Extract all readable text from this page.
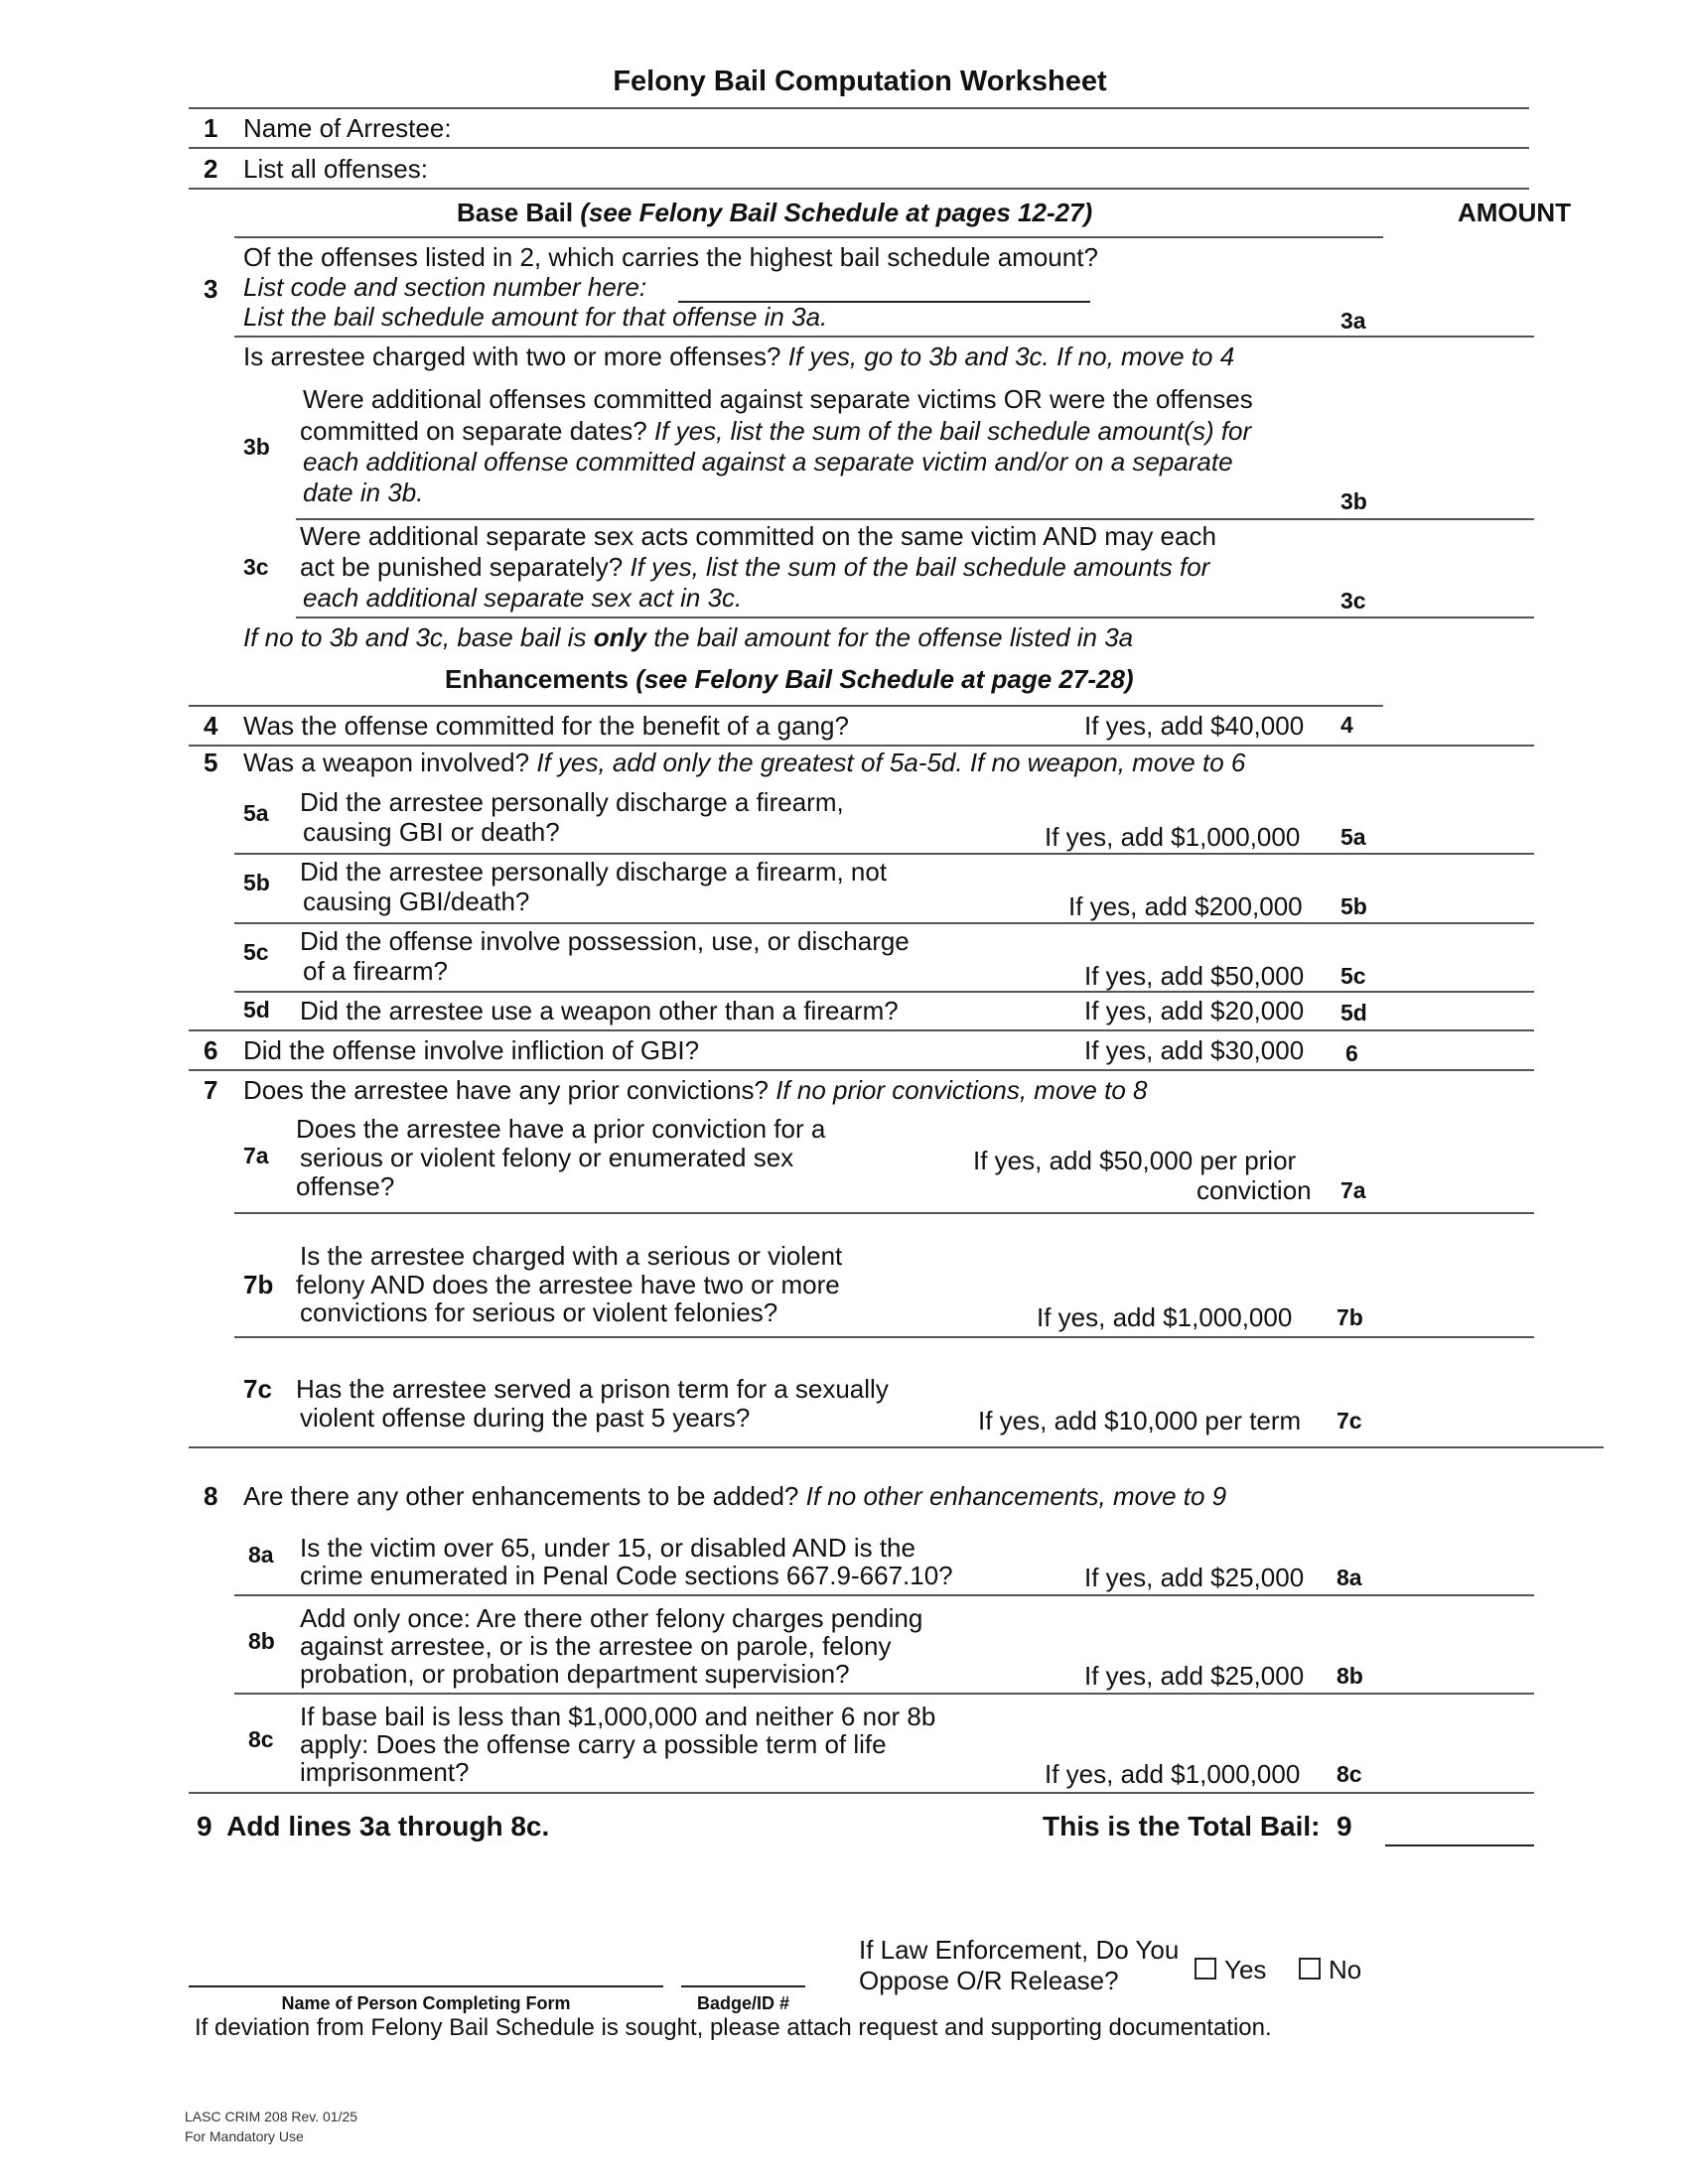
Felony Bail Computation Worksheet
1 Name of Arrestee:
2 List all offenses:
Base Bail (see Felony Bail Schedule at pages 12-27)	AMOUNT
Of the offenses listed in 2, which carries the highest bail schedule amount?
3 List code and section number here:
List the bail schedule amount for that offense in 3a.	3a
Is arrestee charged with two or more offenses? If yes, go to 3b and 3c. If no, move to 4
Were additional offenses committed against separate victims OR were the offenses
committed on separate dates? If yes, list the sum of the bail schedule amount(s) for
3b each additional offense committed against a separate victim and/or on a separate
date in 3b.	3b
Were additional separate sex acts committed on the same victim AND may each
3c act be punished separately? If yes, list the sum of the bail schedule amounts for
each additional separate sex act in 3c.	3c
If no to 3b and 3c, base bail is only the bail amount for the offense listed in 3a
Enhancements (see Felony Bail Schedule at page 27-28)
4 Was the offense committed for the benefit of a gang?	If yes, add $40,000 4
5 Was a weapon involved? If yes, add only the greatest of 5a-5d. If no weapon, move to 6
Did the arrestee personally discharge a firearm,
5a
causing GBI or death?	If yes, add $1,000,000 5a
Did the arrestee personally discharge a firearm, not
5b
causing GBI/death?	If yes, add $200,000 5b
Did the offense involve possession, use, or discharge
5c
of a firearm?	If yes, add $50,000 5c
5d Did the arrestee use a weapon other than a firearm?	If yes, add $20,000 5d
6 Did the offense involve infliction of GBI?	If yes, add $30,000 6
7 Does the arrestee have any prior convictions? If no prior convictions, move to 8
Does the arrestee have a prior conviction for a
7a serious or violent felony or enumerated sex
offense?
If yes, add $50,000 per prior
conviction 7a
Is the arrestee charged with a serious or violent
7b felony AND does the arrestee have two or more
convictions for serious or violent felonies?	If yes, add $1,000,000 7b
7c Has the arrestee served a prison term for a sexually
violent offense during the past 5 years?	If yes, add $10,000 per term 7c
8 Are there any other enhancements to be added? If no other enhancements, move to 9
Is the victim over 65, under 15, or disabled AND is the
8a
crime enumerated in Penal Code sections 667.9-667.10?	If yes, add $25,000 8a
Add only once: Are there other felony charges pending
8b against arrestee, or is the arrestee on parole, felony
probation, or probation department supervision?	If yes, add $25,000 8b
If base bail is less than $1,000,000 and neither 6 nor 8b
8c apply: Does the offense carry a possible term of life
imprisonment?	If yes, add $1,000,000 8c
9 Add lines 3a through 8c.	This is the Total Bail: 9
Name of Person Completing Form	Badge/ID #
If Law Enforcement, Do You
Oppose O/R Release?	Yes	No
If deviation from Felony Bail Schedule is sought, please attach request and supporting documentation.
LASC CRIM 208 Rev. 01/25
For Mandatory Use
